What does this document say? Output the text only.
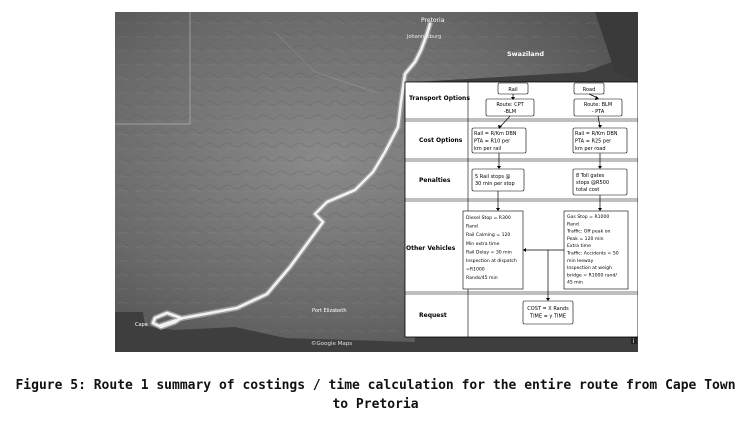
Pretoria
Johannesburg
Swaziland
Port Elizabeth
Cape
©Google Maps	i
Transport Options
Cost Options
Penalties
Other Vehicles
Request
Rail	Road
Route: CPT
-BLM
Route: BLM
- PTA
Rail = R/Km DBN
PTA = R10 per
km per rail
Rail = R/Km DBN
PTA = R25 per
km per road
5 Rail stops @
30 min per stop
8 Toll gates
stops @R500
total cost
Diesel Stop = R300
Rand
Rail Calming = 120
Min extra time
Rail Delay = 30 min
Inspection at dispatch
=R1000
Rands/45 min
Gas Stop = R1000
Rand
Traffic: Off peak on
Peak = 120 min
Extra time
Traffic: Accidents = 50
min leeway
Inspection at weigh
bridge = R1000 rand/
45 min
COST = X Rands
TIME = y TIME
Figure 5: Route 1 summary of costings / time calculation for the entire route from Cape Town
to Pretoria
